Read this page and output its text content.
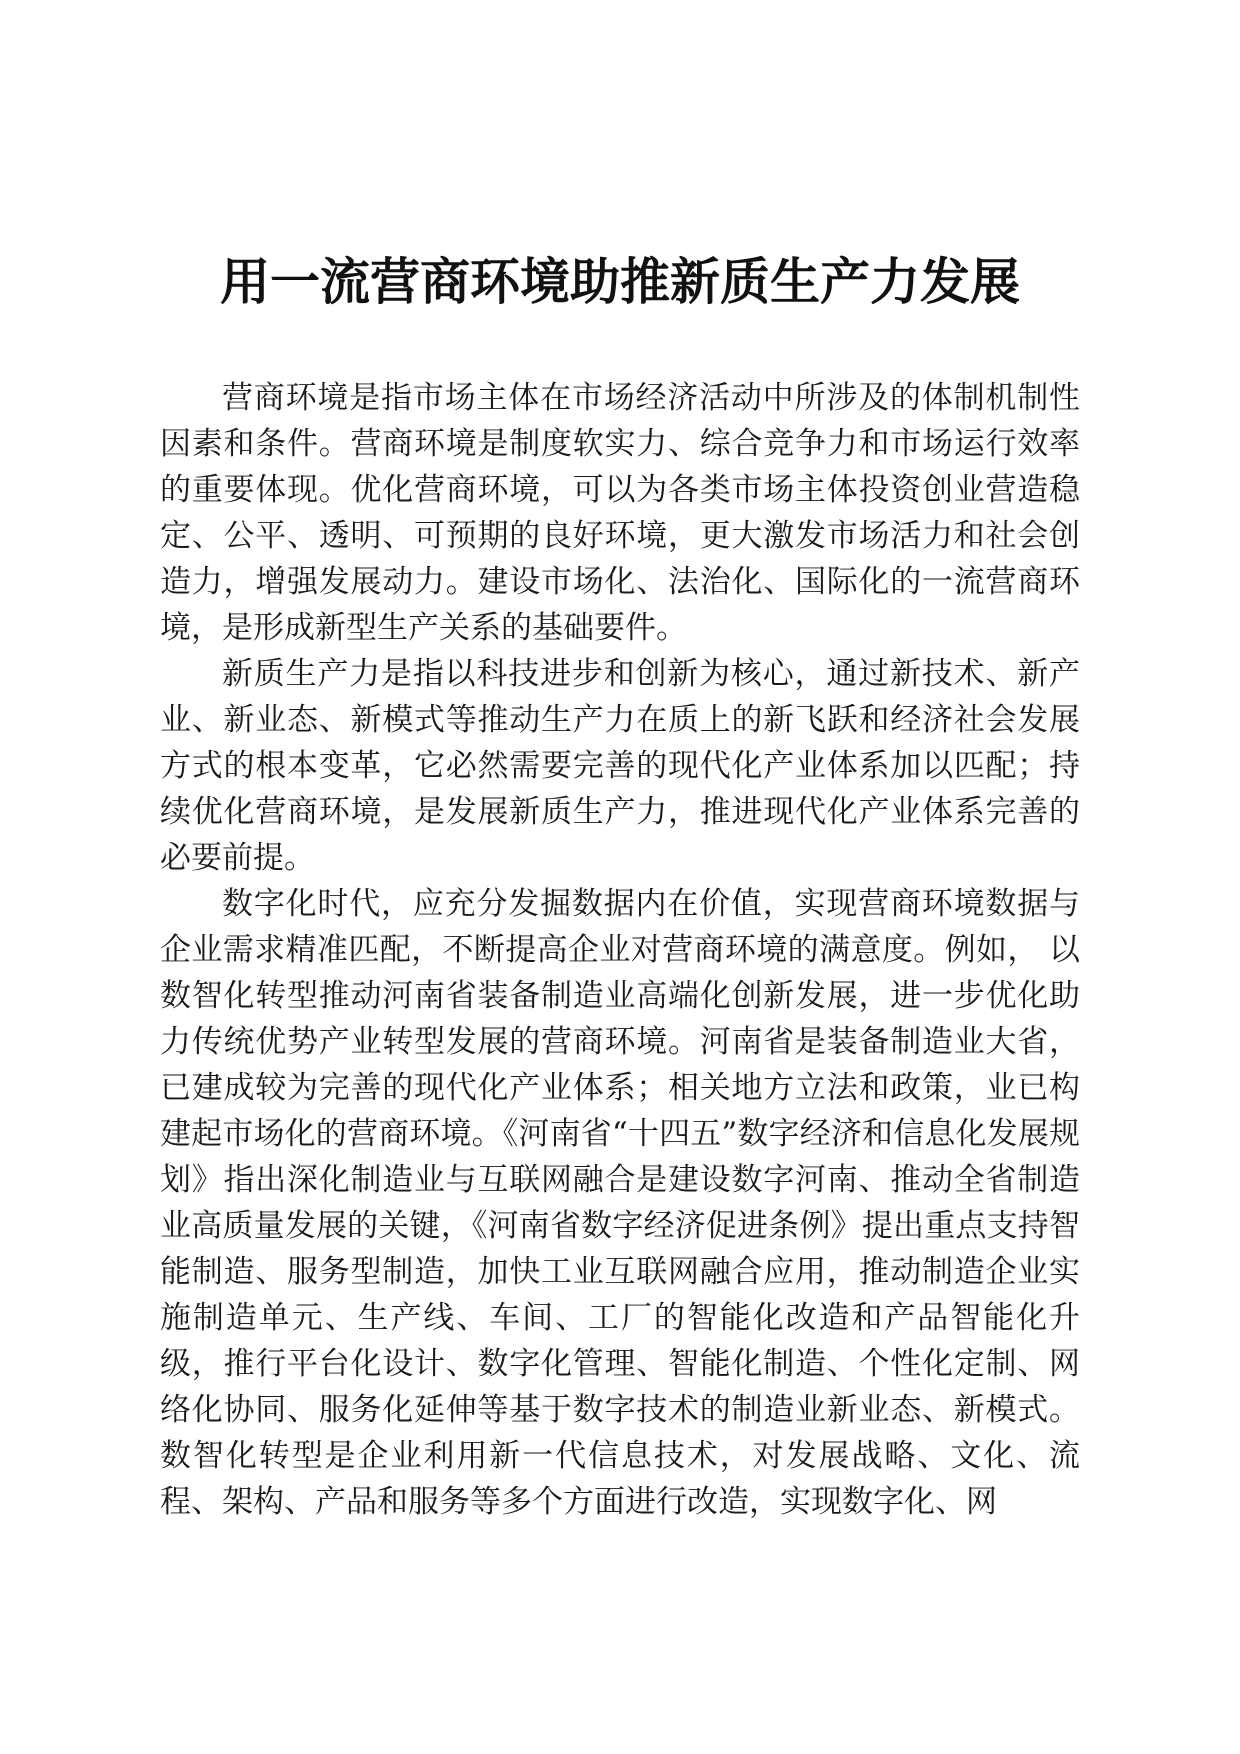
用一流营商环境助推新质生产力发展

营商环境是指市场主体在市场经济活动中所涉及的体制机制性因素和条件。营商环境是制度软实力、综合竞争力和市场运行效率的重要体现。优化营商环境，可以为各类市场主体投资创业营造稳定、公平、透明、可预期的良好环境，更大激发市场活力和社会创造力，增强发展动力。建设市场化、法治化、国际化的一流营商环境，是形成新型生产关系的基础要件。

新质生产力是指以科技进步和创新为核心，通过新技术、新产业、新业态、新模式等推动生产力在质上的新飞跃和经济社会发展方式的根本变革，它必然需要完善的现代化产业体系加以匹配；持续优化营商环境，是发展新质生产力，推进现代化产业体系完善的必要前提。

数字化时代，应充分发掘数据内在价值，实现营商环境数据与企业需求精准匹配，不断提高企业对营商环境的满意度。例如， 以数智化转型推动河南省装备制造业高端化创新发展，进一步优化助力传统优势产业转型发展的营商环境。河南省是装备制造业大省，已建成较为完善的现代化产业体系；相关地方立法和政策，业已构建起市场化的营商环境。《河南省“十四五”数字经济和信息化发展规划》指出深化制造业与互联网融合是建设数字河南、推动全省制造业高质量发展的关键，《河南省数字经济促进条例》提出重点支持智能制造、服务型制造，加快工业互联网融合应用，推动制造企业实施制造单元、生产线、车间、工厂的智能化改造和产品智能化升级，推行平台化设计、数字化管理、智能化制造、个性化定制、网络化协同、服务化延伸等基于数字技术的制造业新业态、新模式。数智化转型是企业利用新一代信息技术，对发展战略、文化、流程、架构、产品和服务等多个方面进行改造，实现数字化、网
